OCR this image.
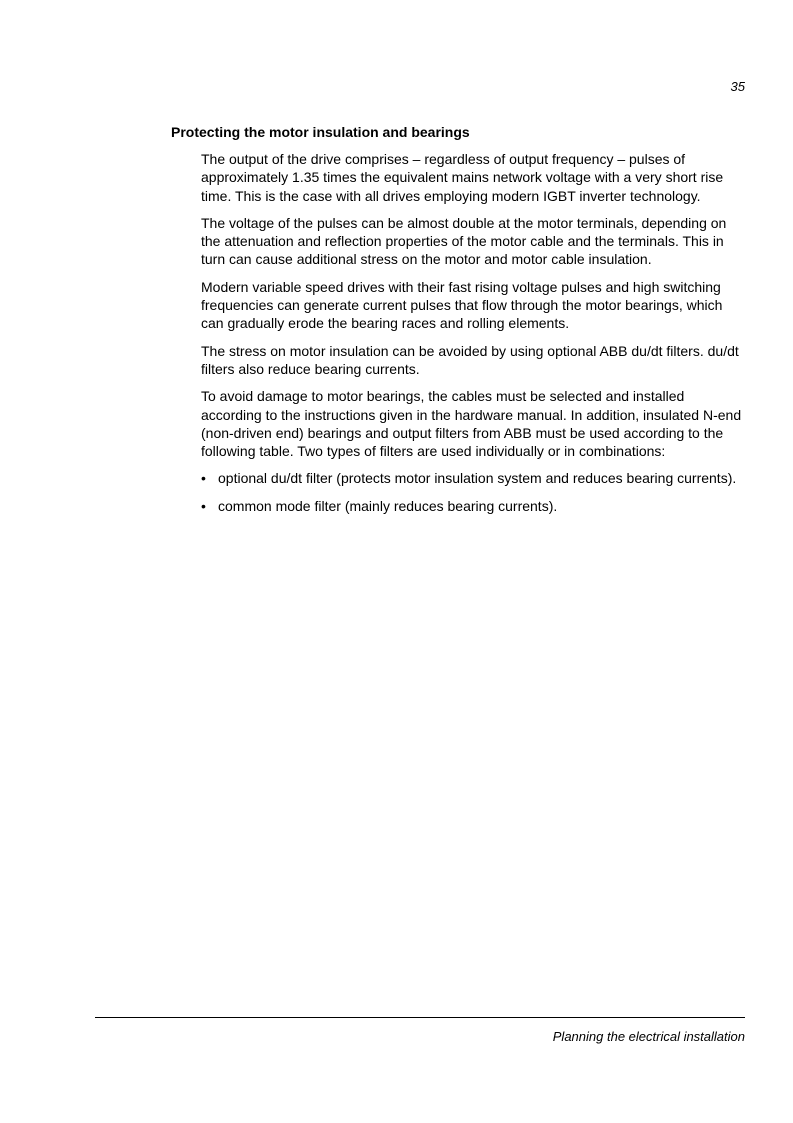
35
Protecting the motor insulation and bearings

The output of the drive comprises – regardless of output frequency – pulses of approximately 1.35 times the equivalent mains network voltage with a very short rise time. This is the case with all drives employing modern IGBT inverter technology.

The voltage of the pulses can be almost double at the motor terminals, depending on the attenuation and reflection properties of the motor cable and the terminals. This in turn can cause additional stress on the motor and motor cable insulation.

Modern variable speed drives with their fast rising voltage pulses and high switching frequencies can generate current pulses that flow through the motor bearings, which can gradually erode the bearing races and rolling elements.

The stress on motor insulation can be avoided by using optional ABB du/dt filters. du/dt filters also reduce bearing currents.

To avoid damage to motor bearings, the cables must be selected and installed according to the instructions given in the hardware manual. In addition, insulated N-end (non-driven end) bearings and output filters from ABB must be used according to the following table. Two types of filters are used individually or in combinations:

• optional du/dt filter (protects motor insulation system and reduces bearing currents).
• common mode filter (mainly reduces bearing currents).
Planning the electrical installation
